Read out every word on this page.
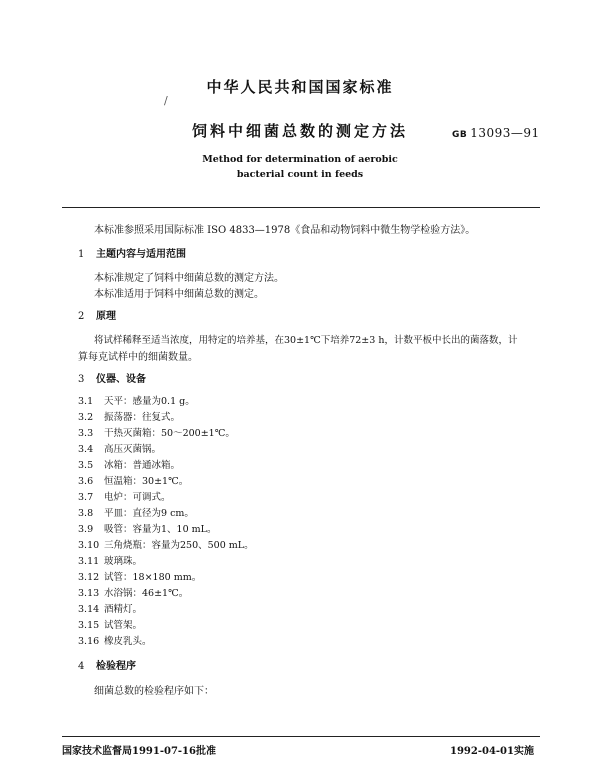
中华人民共和国国家标准
/
饲料中细菌总数的测定方法	GB 13093—91
Method for determination of aerobic
bacterial count in feeds
本标准参照采用国际标准 ISO 4833—1978《食品和动物饲料中微生物学检验方法》。
1 主题内容与适用范围
本标准规定了饲料中细菌总数的测定方法。
本标准适用于饲料中细菌总数的测定。
2 原理
将试样稀释至适当浓度，用特定的培养基，在30±1℃下培养72±3 h，计数平板中长出的菌落数，计
算每克试样中的细菌数量。
3 仪器、设备
3.1 天平：感量为0.1 g。
3.2 振荡器：往复式。
3.3 干热灭菌箱：50～200±1℃。
3.4 高压灭菌锅。
3.5 冰箱：普通冰箱。
3.6 恒温箱：30±1℃。
3.7 电炉：可调式。
3.8 平皿：直径为9 cm。
3.9 吸管：容量为1、10 mL。
3.10 三角烧瓶：容量为250、500 mL。
3.11 玻璃珠。
3.12 试管：18×180 mm。
3.13 水浴锅：46±1℃。
3.14 酒精灯。
3.15 试管架。
3.16 橡皮乳头。
4 检验程序
细菌总数的检验程序如下：
国家技术监督局1991-07-16批准	1992-04-01实施
